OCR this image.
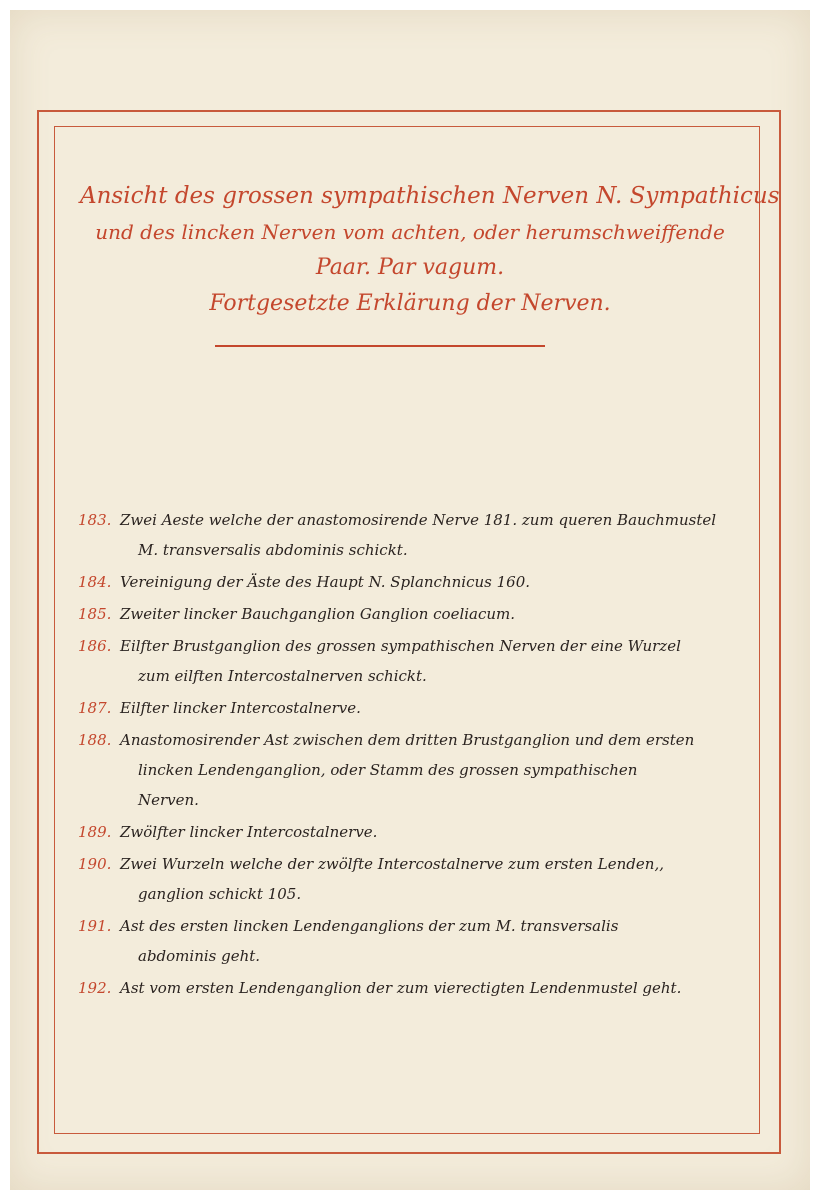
Ansicht des grossen sympathischen Nerven N. Sympathicus
und des lincken Nerven vom achten, oder herumschweiffende
Paar. Par vagum.
Fortgesetzte Erklärung der Nerven.
183. Zwei Aeste welche der anastomosirende Nerve 181. zum queren Bauchmustel
M. transversalis abdominis schickt.
184. Vereinigung der Äste des Haupt N. Splanchnicus 160.
185. Zweiter lincker Bauchganglion Ganglion coeliacum.
186. Eilfter Brustganglion des grossen sympathischen Nerven der eine Wurzel
zum eilften Intercostalnerven schickt.
187. Eilfter lincker Intercostalnerve.
188. Anastomosirender Ast zwischen dem dritten Brustganglion und dem ersten
lincken Lendenganglion, oder Stamm des grossen sympathischen
Nerven.
189. Zwölfter lincker Intercostalnerve.
190. Zwei Wurzeln welche der zwölfte Intercostalnerve zum ersten Lenden,,
ganglion schickt 105.
191. Ast des ersten lincken Lendenganglions der zum M. transversalis
abdominis geht.
192. Ast vom ersten Lendenganglion der zum vierectigten Lendenmustel geht.
